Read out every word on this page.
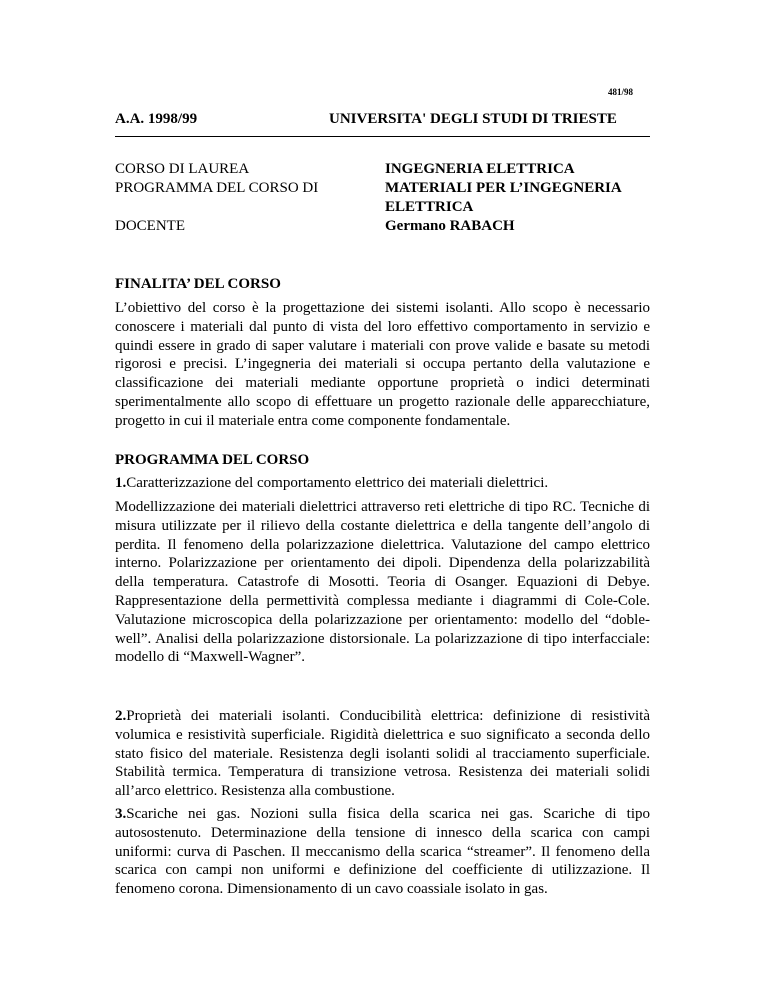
481/98
A.A. 1998/99	UNIVERSITA' DEGLI STUDI DI TRIESTE
CORSO DI LAUREA
PROGRAMMA DEL CORSO DI
DOCENTE
INGEGNERIA ELETTRICA
MATERIALI PER L’INGEGNERIA
ELETTRICA
Germano RABACH
FINALITA’ DEL CORSO
L’obiettivo del corso è la progettazione dei sistemi isolanti. Allo scopo è necessario conoscere i materiali dal punto di vista del loro effettivo comportamento in servizio e quindi essere in grado di saper valutare i materiali con prove valide e basate su metodi rigorosi e precisi. L’ingegneria dei materiali si occupa pertanto della valutazione e classificazione dei materiali mediante opportune proprietà o indici determinati sperimentalmente allo scopo di effettuare un progetto razionale delle apparecchiature, progetto in cui il materiale entra come componente fondamentale.
PROGRAMMA DEL CORSO
1.Caratterizzazione del comportamento elettrico dei materiali dielettrici.
Modellizzazione dei materiali dielettrici attraverso reti elettriche di tipo RC. Tecniche di misura utilizzate per il rilievo della costante dielettrica e della tangente dell’angolo di perdita. Il fenomeno della polarizzazione dielettrica. Valutazione del campo elettrico interno. Polarizzazione per orientamento dei dipoli. Dipendenza della polarizzabilità della temperatura. Catastrofe di Mosotti. Teoria di Osanger. Equazioni di Debye. Rappresentazione della permettività complessa mediante i diagrammi di Cole-Cole. Valutazione microscopica della polarizzazione per orientamento: modello del “doble-well”. Analisi della polarizzazione distorsionale. La polarizzazione di tipo interfacciale: modello di “Maxwell-Wagner”.
2.Proprietà dei materiali isolanti. Conducibilità elettrica: definizione di resistività volumica e resistività superficiale. Rigidità dielettrica e suo significato a seconda dello stato fisico del materiale. Resistenza degli isolanti solidi al tracciamento superficiale. Stabilità termica. Temperatura di transizione vetrosa. Resistenza dei materiali solidi all’arco elettrico. Resistenza alla combustione.
3.Scariche nei gas. Nozioni sulla fisica della scarica nei gas. Scariche di tipo autosostenuto. Determinazione della tensione di innesco della scarica con campi uniformi: curva di Paschen. Il meccanismo della scarica “streamer”. Il fenomeno della scarica con campi non uniformi e definizione del coefficiente di utilizzazione. Il fenomeno corona. Dimensionamento di un cavo coassiale isolato in gas.
